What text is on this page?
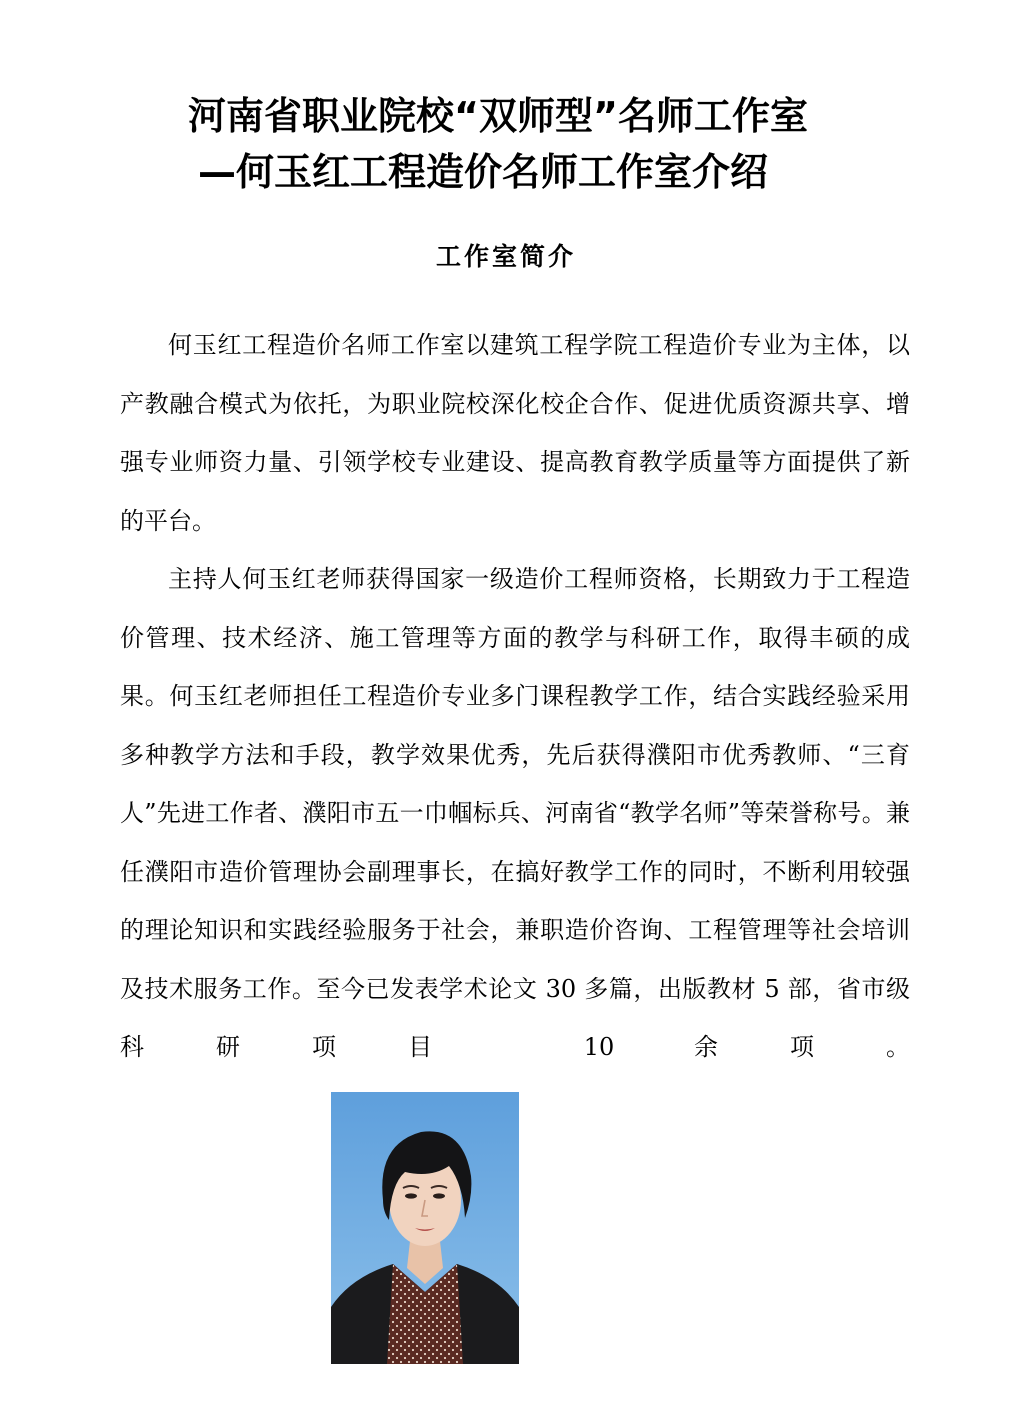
河南省职业院校“双师型”名师工作室
—何玉红工程造价名师工作室介绍
工作室简介

何玉红工程造价名师工作室以建筑工程学院工程造价专业为主体，以产教融合模式为依托，为职业院校深化校企合作、促进优质资源共享、增强专业师资力量、引领学校专业建设、提高教育教学质量等方面提供了新的平台。

主持人何玉红老师获得国家一级造价工程师资格，长期致力于工程造价管理、技术经济、施工管理等方面的教学与科研工作，取得丰硕的成果。何玉红老师担任工程造价专业多门课程教学工作，结合实践经验采用多种教学方法和手段，教学效果优秀，先后获得濮阳市优秀教师、“三育人”先进工作者、濮阳市五一巾帼标兵、河南省“教学名师”等荣誉称号。兼任濮阳市造价管理协会副理事长，在搞好教学工作的同时，不断利用较强的理论知识和实践经验服务于社会，兼职造价咨询、工程管理等社会培训及技术服务工作。至今已发表学术论文 30 多篇，出版教材 5 部，省市级科研项目 10 余项。
